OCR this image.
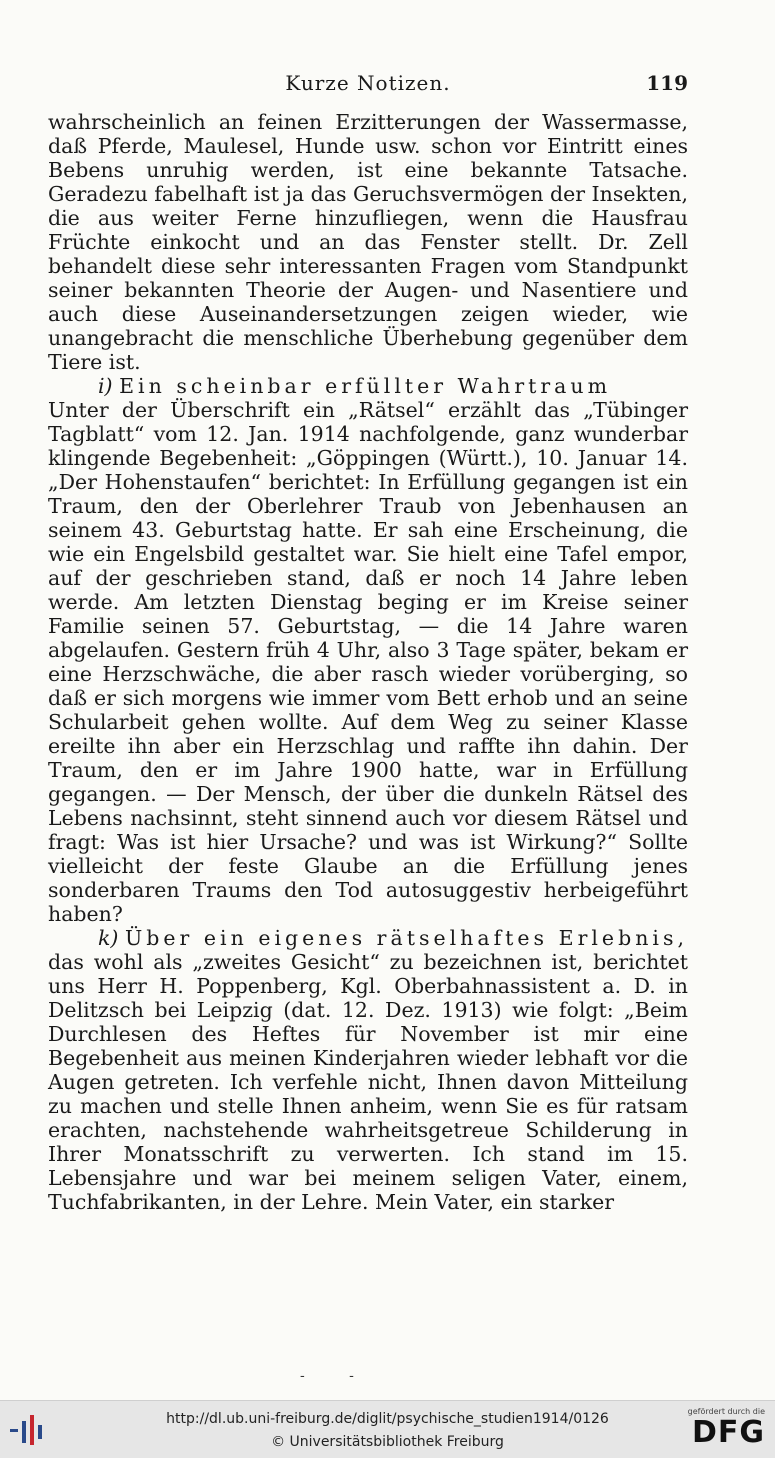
Kurze Notizen.	119

wahrscheinlich an feinen Erzitterungen der Wassermasse, daß Pferde, Maulesel, Hunde usw. schon vor Eintritt eines Bebens unruhig werden, ist eine bekannte Tatsache. Geradezu fabelhaft ist ja das Geruchsvermögen der Insekten, die aus weiter Ferne hinzufliegen, wenn die Hausfrau Früchte einkocht und an das Fenster stellt. Dr. Zell behandelt diese sehr interessanten Fragen vom Standpunkt seiner bekannten Theorie der Augen- und Nasentiere und auch diese Auseinandersetzungen zeigen wieder, wie unangebracht die menschliche Überhebung gegenüber dem Tiere ist.

i) Ein scheinbar erfüllter Wahrtraum
Unter der Überschrift ein „Rätsel“ erzählt das „Tübinger Tagblatt“ vom 12. Jan. 1914 nachfolgende, ganz wunderbar klingende Begebenheit: „Göppingen (Württ.), 10. Januar 14. „Der Hohenstaufen“ berichtet: In Erfüllung gegangen ist ein Traum, den der Oberlehrer Traub von Jebenhausen an seinem 43. Geburtstag hatte. Er sah eine Erscheinung, die wie ein Engelsbild gestaltet war. Sie hielt eine Tafel empor, auf der geschrieben stand, daß er noch 14 Jahre leben werde. Am letzten Dienstag beging er im Kreise seiner Familie seinen 57. Geburtstag, — die 14 Jahre waren abgelaufen. Gestern früh 4 Uhr, also 3 Tage später, bekam er eine Herzschwäche, die aber rasch wieder vorüberging, so daß er sich morgens wie immer vom Bett erhob und an seine Schularbeit gehen wollte. Auf dem Weg zu seiner Klasse ereilte ihn aber ein Herzschlag und raffte ihn dahin. Der Traum, den er im Jahre 1900 hatte, war in Erfüllung gegangen. — Der Mensch, der über die dunkeln Rätsel des Lebens nachsinnt, steht sinnend auch vor diesem Rätsel und fragt: Was ist hier Ursache? und was ist Wirkung?“ Sollte vielleicht der feste Glaube an die Erfüllung jenes sonderbaren Traums den Tod autosuggestiv herbeigeführt haben?

k) Über ein eigenes rätselhaftes Erlebnis, das wohl als „zweites Gesicht“ zu bezeichnen ist, berichtet uns Herr H. Poppenberg, Kgl. Oberbahnassistent a. D. in Delitzsch bei Leipzig (dat. 12. Dez. 1913) wie folgt: „Beim Durchlesen des Heftes für November ist mir eine Begebenheit aus meinen Kinderjahren wieder lebhaft vor die Augen getreten. Ich verfehle nicht, Ihnen davon Mitteilung zu machen und stelle Ihnen anheim, wenn Sie es für ratsam erachten, nachstehende wahrheitsgetreue Schilderung in Ihrer Monatsschrift zu verwerten. Ich stand im 15. Lebensjahre und war bei meinem seligen Vater, einem, Tuchfabrikanten, in der Lehre. Mein Vater, ein starker

- -
http://dl.ub.uni-freiburg.de/diglit/psychische_studien1914/0126
© Universitätsbibliothek Freiburg
gefördert durch die
DFG
